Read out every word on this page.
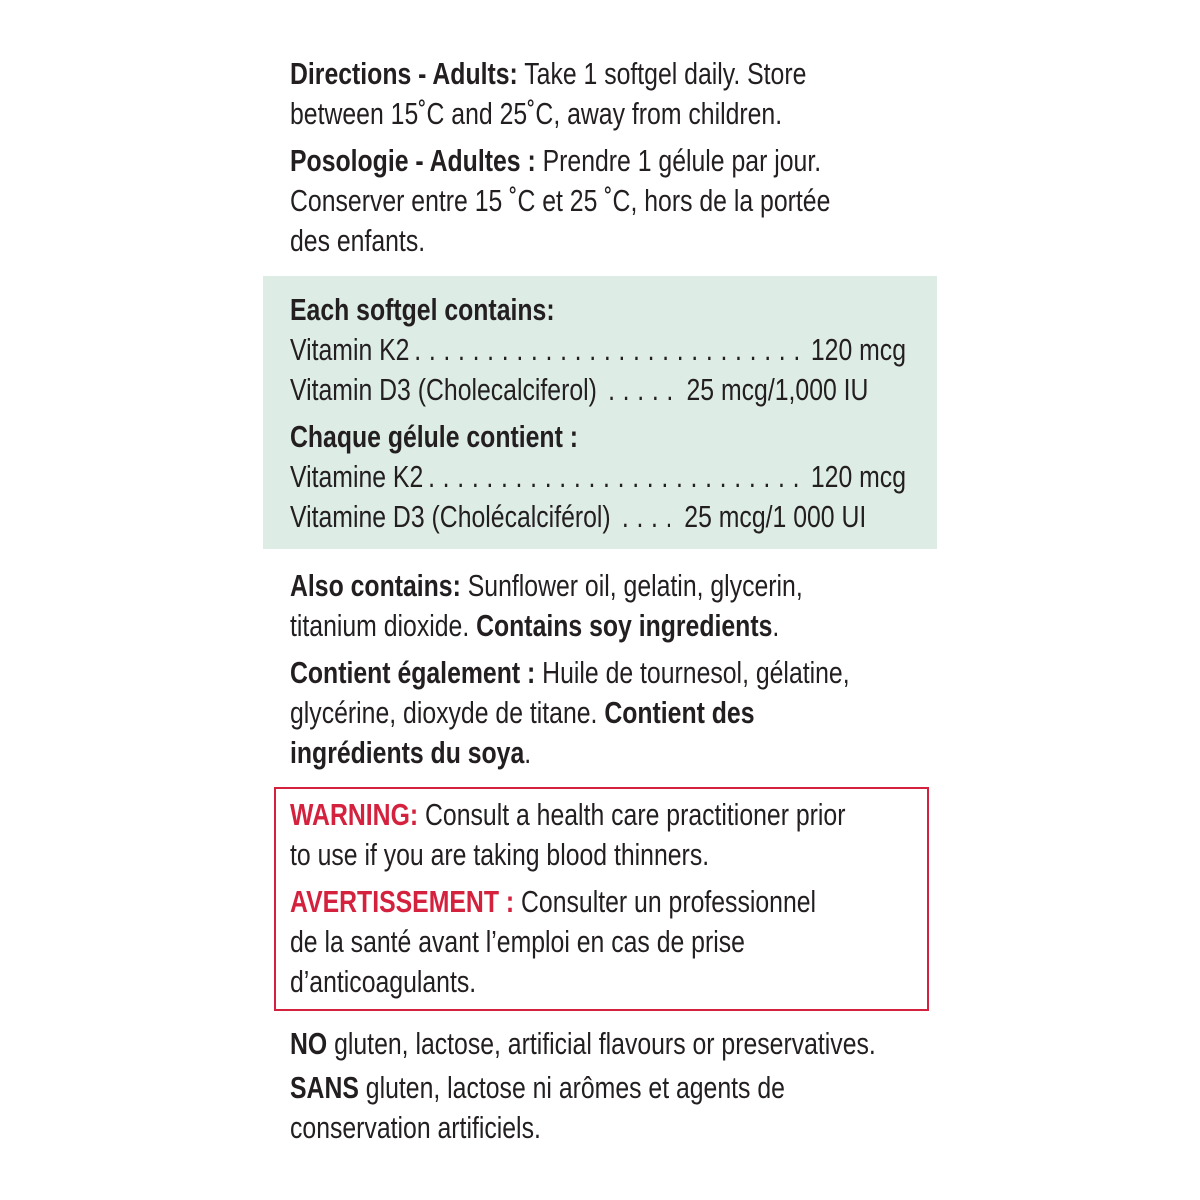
Directions - Adults: Take 1 softgel daily. Store
between 15˚C and 25˚C, away from children.
Posologie - Adultes : Prendre 1 gélule par jour.
Conserver entre 15 ˚C et 25 ˚C, hors de la portée
des enfants.
Each softgel contains:
Vitamin K2 . . .	120 mcg
Vitamin D3 (Cholecalciferol) . . .	25 mcg/1,000 IU
Chaque gélule contient :
Vitamine K2 . . .	120 mcg
Vitamine D3 (Cholécalciférol) . . . 25 mcg/1 000 UI
Also contains: Sunflower oil, gelatin, glycerin,
titanium dioxide. Contains soy ingredients.
Contient également : Huile de tournesol, gélatine,
glycérine, dioxyde de titane. Contient des
ingrédients du soya.
WARNING: Consult a health care practitioner prior
to use if you are taking blood thinners.
AVERTISSEMENT : Consulter un professionnel
de la santé avant l’emploi en cas de prise
d’anticoagulants.
NO gluten, lactose, artificial flavours or preservatives.
SANS gluten, lactose ni arômes et agents de
conservation artificiels.
